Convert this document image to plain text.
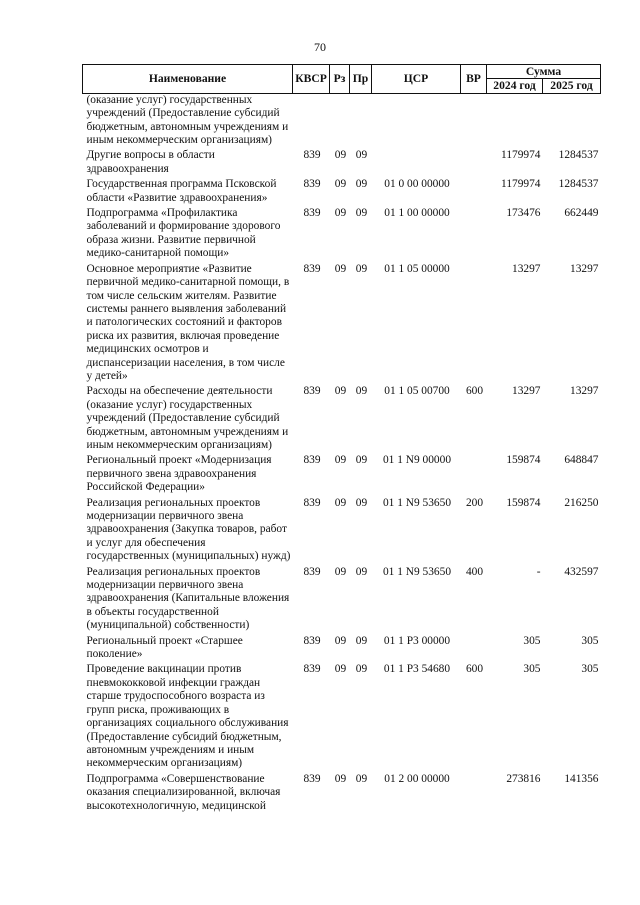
70
Наименование	КВСР	Рз	Пр	ЦСР	ВР	Сумма	
						2024 год	2025 год
(оказание услуг) государственных учреждений (Предоставление субсидий бюджетным, автономным учреждениям и иным некоммерческим организациям)							
Другие вопросы в области здравоохранения	839	09	09			1179974	1284537
Государственная программа Псковской области «Развитие здравоохранения»	839	09	09	01 0 00 00000		1179974	1284537
Подпрограмма «Профилактика заболеваний и формирование здорового образа жизни. Развитие первичной медико-санитарной помощи»	839	09	09	01 1 00 00000		173476	662449
Основное мероприятие «Развитие первичной медико-санитарной помощи, в том числе сельским жителям. Развитие системы раннего выявления заболеваний и патологических состояний и факторов риска их развития, включая проведение медицинских осмотров и диспансеризации населения, в том числе у детей»	839	09	09	01 1 05 00000		13297	13297
Расходы на обеспечение деятельности (оказание услуг) государственных учреждений (Предоставление субсидий бюджетным, автономным учреждениям и иным некоммерческим организациям)	839	09	09	01 1 05 00700	600	13297	13297
Региональный проект «Модернизация первичного звена здравоохранения Российской Федерации»	839	09	09	01 1 N9 00000		159874	648847
Реализация региональных проектов модернизации первичного звена здравоохранения (Закупка товаров, работ и услуг для обеспечения государственных (муниципальных) нужд)	839	09	09	01 1 N9 53650	200	159874	216250
Реализация региональных проектов модернизации первичного звена здравоохранения (Капитальные вложения в объекты государственной (муниципальной) собственности)	839	09	09	01 1 N9 53650	400	-	432597
Региональный проект «Старшее поколение»	839	09	09	01 1 P3 00000		305	305
Проведение вакцинации против пневмококковой инфекции граждан старше трудоспособного возраста из групп риска, проживающих в организациях социального обслуживания (Предоставление субсидий бюджетным, автономным учреждениям и иным некоммерческим организациям)	839	09	09	01 1 P3 54680	600	305	305
Подпрограмма «Совершенствование оказания специализированной, включая высокотехнологичную, медицинской	839	09	09	01 2 00 00000		273816	141356
